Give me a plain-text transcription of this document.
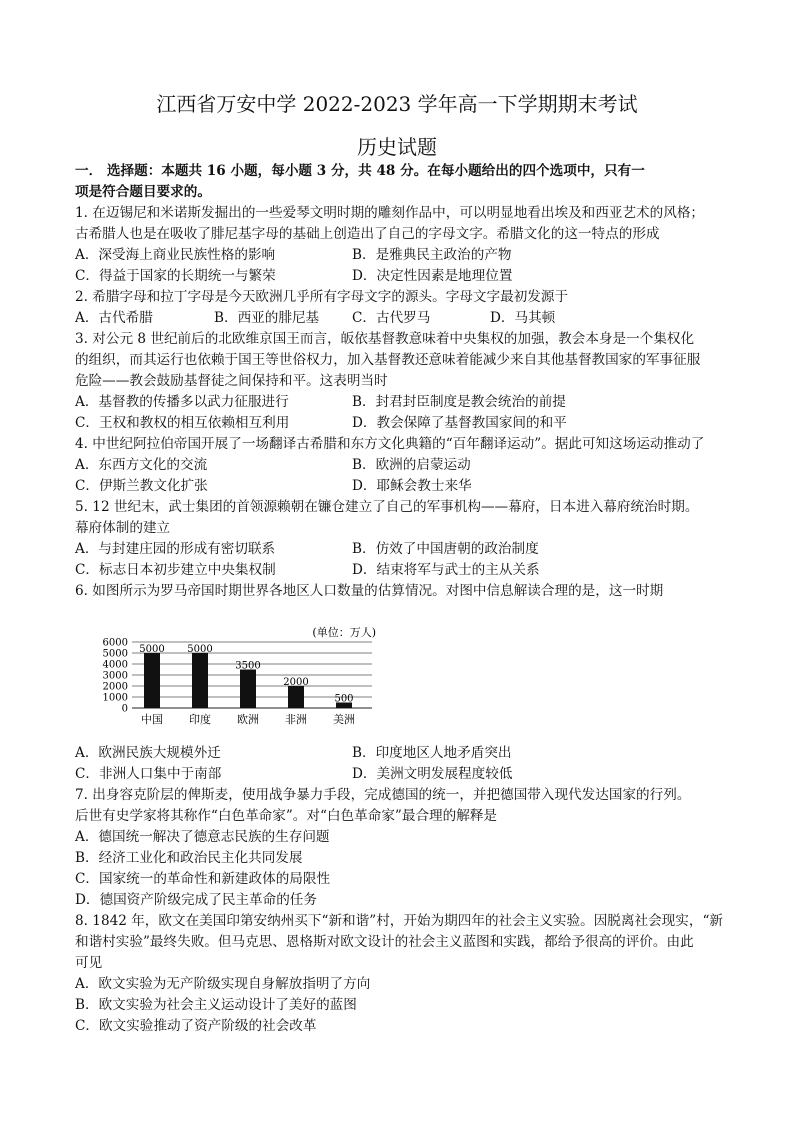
江西省万安中学 2022-2023 学年高一下学期期末考试
历史试题
一． 选择题：本题共 16 小题，每小题 3 分，共 48 分。在每小题给出的四个选项中，只有一
项是符合题目要求的。
1. 在迈锡尼和米诺斯发掘出的一些爱琴文明时期的雕刻作品中，可以明显地看出埃及和西亚艺术的风格；
古希腊人也是在吸收了腓尼基字母的基础上创造出了自己的字母文字。希腊文化的这一特点的形成
A．深受海上商业民族性格的影响	B．是雅典民主政治的产物
C．得益于国家的长期统一与繁荣	D．决定性因素是地理位置
2. 希腊字母和拉丁字母是今天欧洲几乎所有字母文字的源头。字母文字最初发源于
A．古代希腊	B．西亚的腓尼基 C．古代罗马	D．马其顿
3. 对公元 8 世纪前后的北欧维京国王而言，皈依基督教意味着中央集权的加强，教会本身是一个集权化
的组织，而其运行也依赖于国王等世俗权力，加入基督教还意味着能减少来自其他基督教国家的军事征服
危险——教会鼓励基督徒之间保持和平。这表明当时
A．基督教的传播多以武力征服进行	B．封君封臣制度是教会统治的前提
C．王权和教权的相互依赖相互利用	D．教会保障了基督教国家间的和平
4. 中世纪阿拉伯帝国开展了一场翻译古希腊和东方文化典籍的“百年翻译运动”。据此可知这场运动推动了
A．东西方文化的交流	B．欧洲的启蒙运动
C．伊斯兰教文化扩张	D．耶稣会教士来华
5. 12 世纪末，武士集团的首领源赖朝在镰仓建立了自己的军事机构——幕府，日本进入幕府统治时期。
幕府体制的建立
A．与封建庄园的形成有密切联系	B．仿效了中国唐朝的政治制度
C．标志日本初步建立中央集权制	D．结束将军与武士的主从关系
6. 如图所示为罗马帝国时期世界各地区人口数量的估算情况。对图中信息解读合理的是，这一时期
0
1000
2000
3000
4000
5000
6000
5000 5000
3500
2000
500
中国 印度 欧洲 非洲 美洲
(单位：万人)
A．欧洲民族大规模外迁	B．印度地区人地矛盾突出
C．非洲人口集中于南部	D．美洲文明发展程度较低
7. 出身容克阶层的俾斯麦，使用战争暴力手段，完成德国的统一，并把德国带入现代发达国家的行列。
后世有史学家将其称作“白色革命家”。对“白色革命家”最合理的解释是
A．德国统一解决了德意志民族的生存问题
B．经济工业化和政治民主化共同发展
C．国家统一的革命性和新建政体的局限性
D．德国资产阶级完成了民主革命的任务
8. 1842 年，欧文在美国印第安纳州买下“新和谐”村，开始为期四年的社会主义实验。因脱离社会现实，“新
和谐村实验”最终失败。但马克思、恩格斯对欧文设计的社会主义蓝图和实践，都给予很高的评价。由此
可见
A．欧文实验为无产阶级实现自身解放指明了方向
B．欧文实验为社会主义运动设计了美好的蓝图
C．欧文实验推动了资产阶级的社会改革
